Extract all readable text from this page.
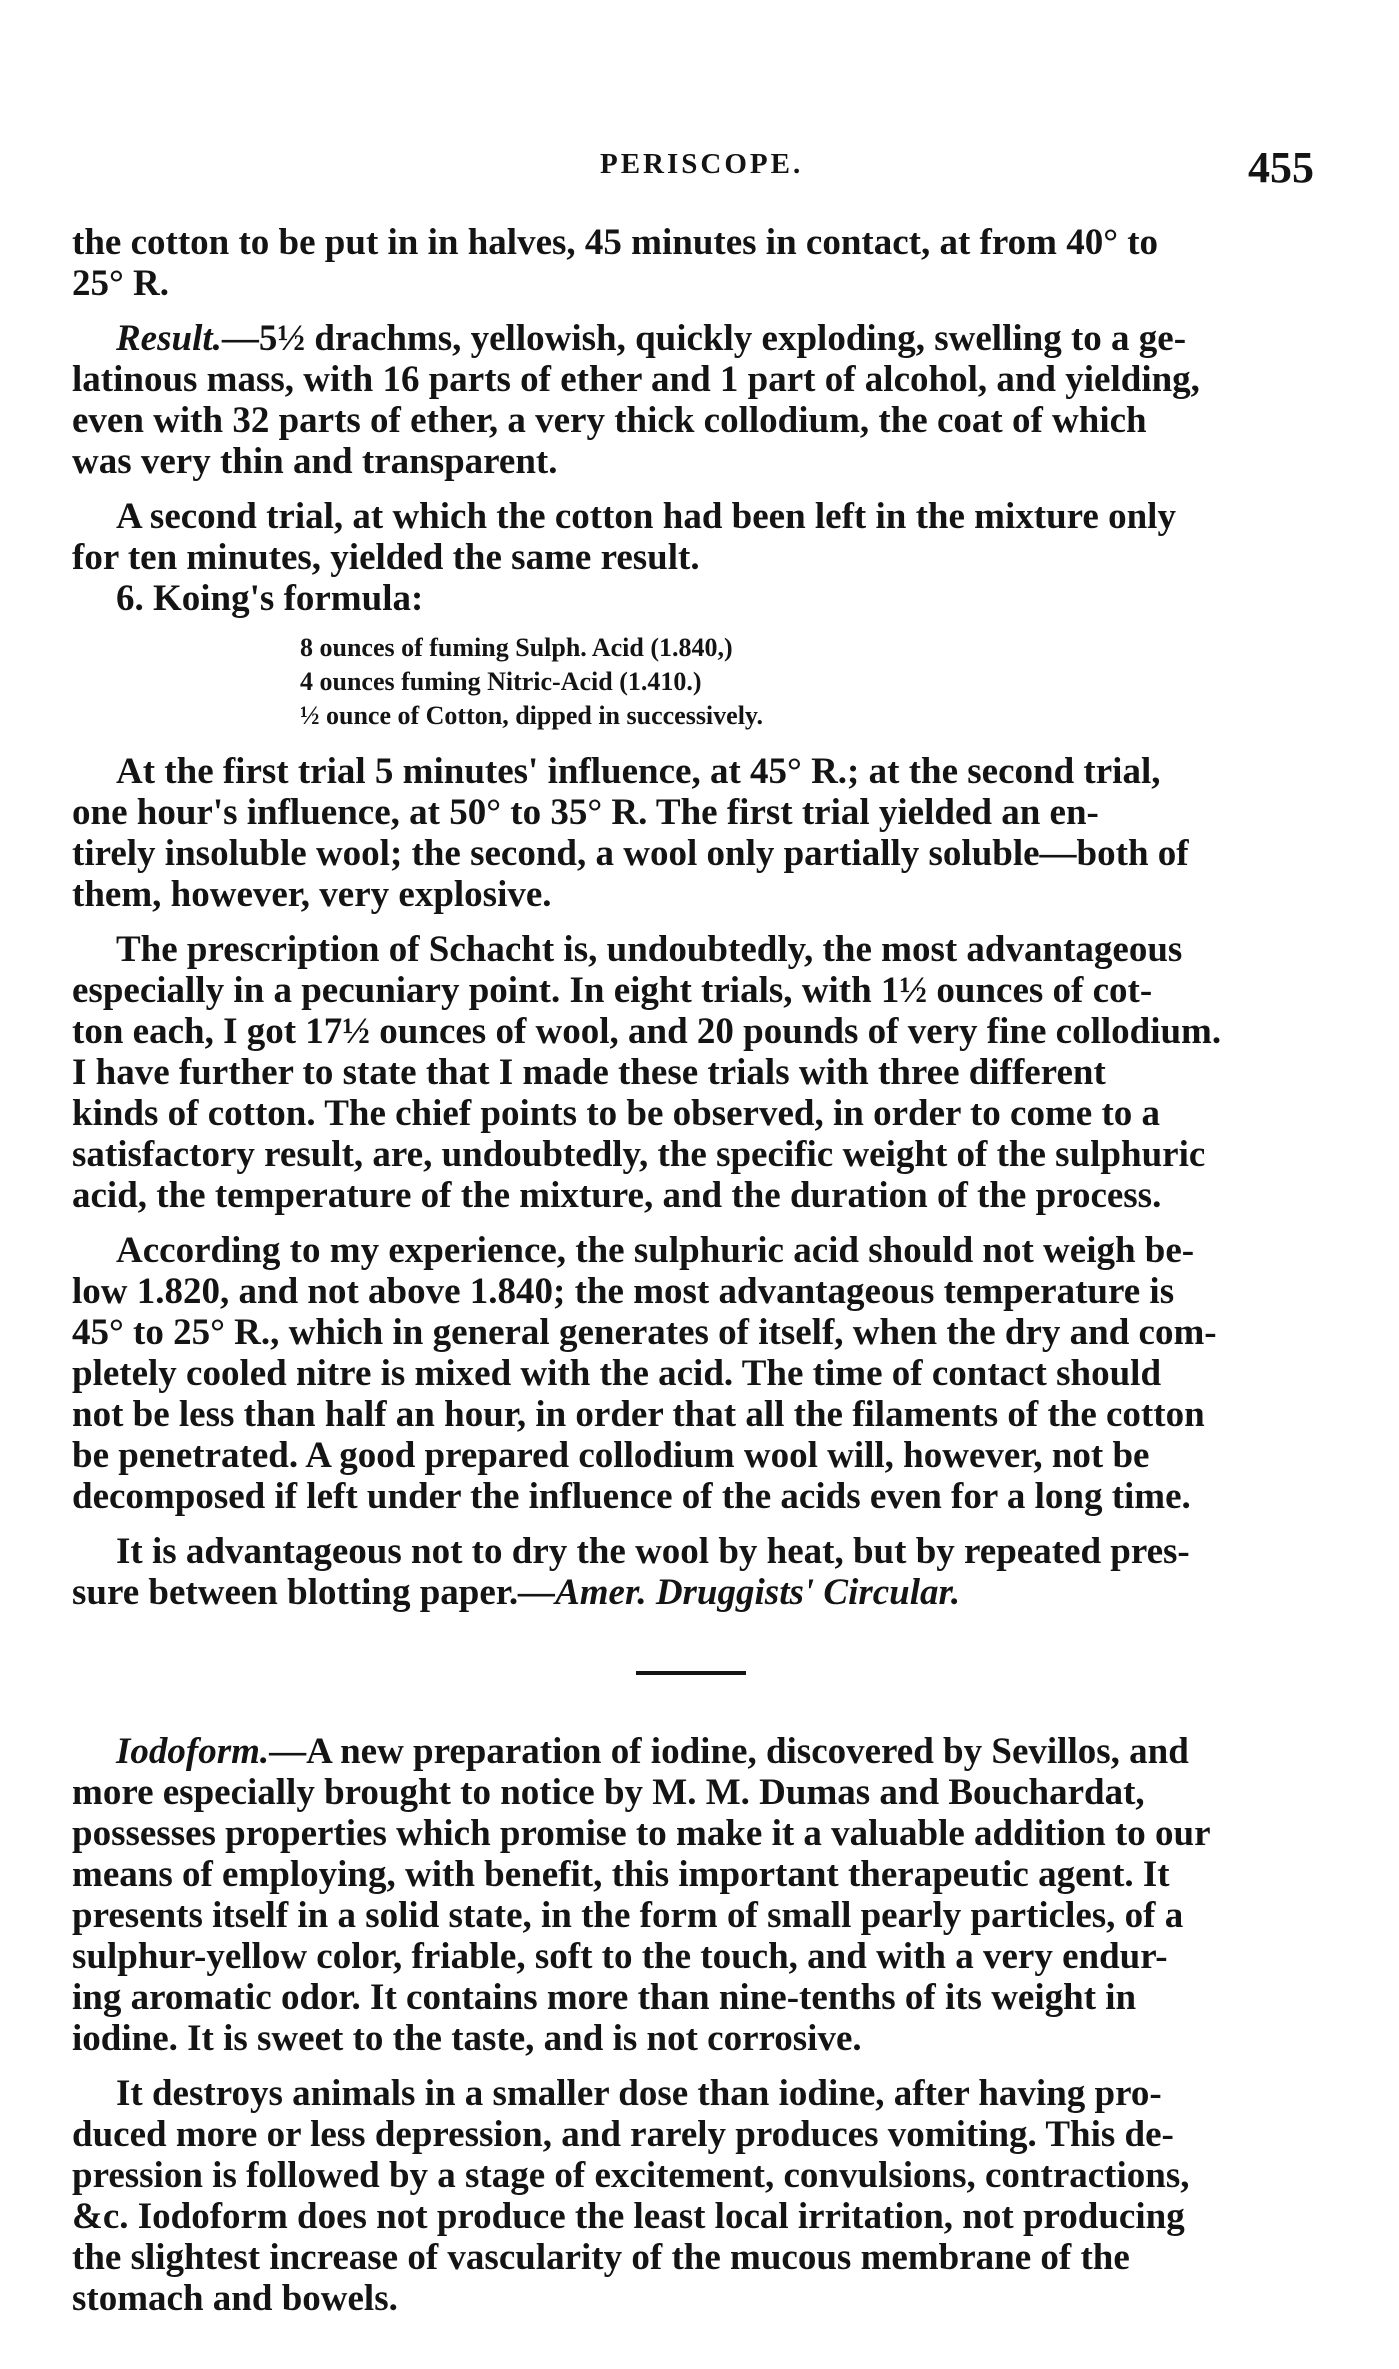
PERISCOPE.	455

the cotton to be put in in halves, 45 minutes in contact, at from 40° to
25° R.

Result.—5½ drachms, yellowish, quickly exploding, swelling to a ge-
latinous mass, with 16 parts of ether and 1 part of alcohol, and yielding,
even with 32 parts of ether, a very thick collodium, the coat of which
was very thin and transparent.

A second trial, at which the cotton had been left in the mixture only
for ten minutes, yielded the same result.

6. Koing's formula:

8 ounces of fuming Sulph. Acid (1.840,)
4 ounces fuming Nitric-Acid (1.410.)
½ ounce of Cotton, dipped in successively.

At the first trial 5 minutes' influence, at 45° R.; at the second trial,
one hour's influence, at 50° to 35° R. The first trial yielded an en-
tirely insoluble wool; the second, a wool only partially soluble—both of
them, however, very explosive.

The prescription of Schacht is, undoubtedly, the most advantageous
especially in a pecuniary point. In eight trials, with 1½ ounces of cot-
ton each, I got 17½ ounces of wool, and 20 pounds of very fine collodium.
I have further to state that I made these trials with three different
kinds of cotton. The chief points to be observed, in order to come to a
satisfactory result, are, undoubtedly, the specific weight of the sulphuric
acid, the temperature of the mixture, and the duration of the process.

According to my experience, the sulphuric acid should not weigh be-
low 1.820, and not above 1.840; the most advantageous temperature is
45° to 25° R., which in general generates of itself, when the dry and com-
pletely cooled nitre is mixed with the acid. The time of contact should
not be less than half an hour, in order that all the filaments of the cotton
be penetrated. A good prepared collodium wool will, however, not be
decomposed if left under the influence of the acids even for a long time.

It is advantageous not to dry the wool by heat, but by repeated pres-
sure between blotting paper.—Amer. Druggists' Circular.

Iodoform.—A new preparation of iodine, discovered by Sevillos, and
more especially brought to notice by M. M. Dumas and Bouchardat,
possesses properties which promise to make it a valuable addition to our
means of employing, with benefit, this important therapeutic agent. It
presents itself in a solid state, in the form of small pearly particles, of a
sulphur-yellow color, friable, soft to the touch, and with a very endur-
ing aromatic odor. It contains more than nine-tenths of its weight in
iodine. It is sweet to the taste, and is not corrosive.

It destroys animals in a smaller dose than iodine, after having pro-
duced more or less depression, and rarely produces vomiting. This de-
pression is followed by a stage of excitement, convulsions, contractions,
&c. Iodoform does not produce the least local irritation, not producing
the slightest increase of vascularity of the mucous membrane of the
stomach and bowels.
